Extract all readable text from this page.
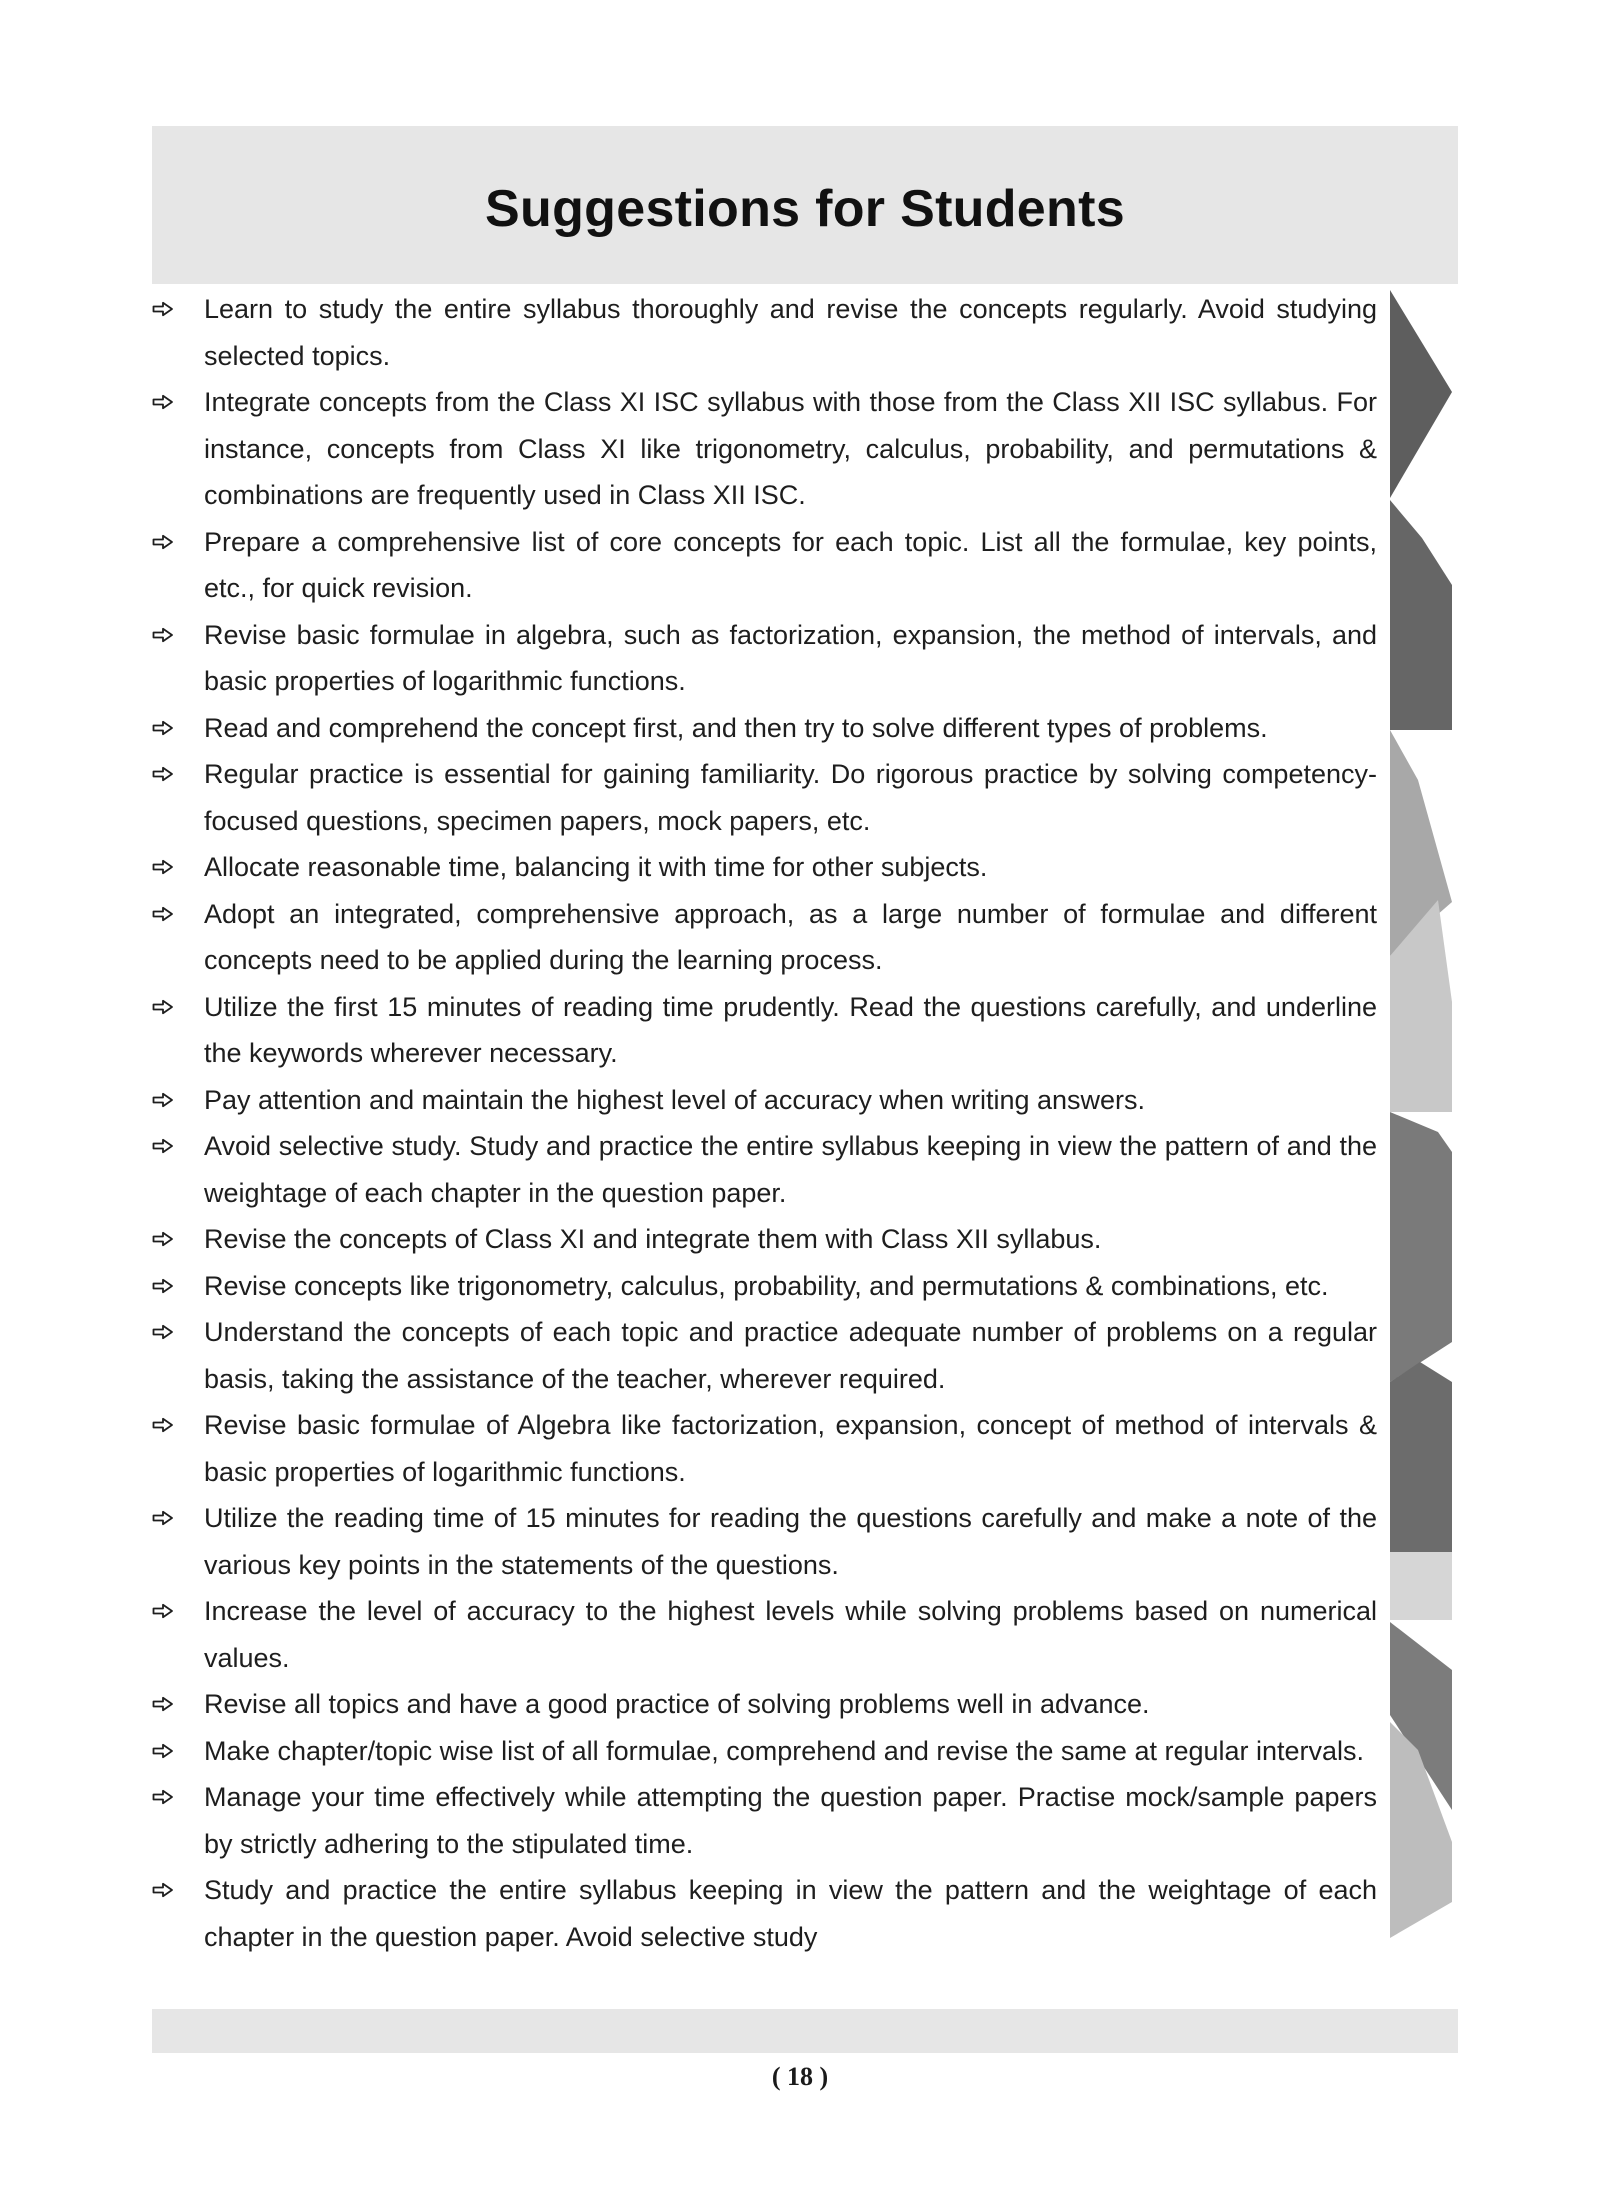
Suggestions for Students
Learn to study the entire syllabus thoroughly and revise the concepts regularly. Avoid studying selected topics.
Integrate concepts from the Class XI ISC syllabus with those from the Class XII ISC syllabus. For instance, concepts from Class XI like trigonometry, calculus, probability, and permutations & combinations are frequently used in Class XII ISC.
Prepare a comprehensive list of core concepts for each topic. List all the formulae, key points, etc., for quick revision.
Revise basic formulae in algebra, such as factorization, expansion, the method of intervals, and basic properties of logarithmic functions.
Read and comprehend the concept first, and then try to solve different types of problems.
Regular practice is essential for gaining familiarity. Do rigorous practice by solving competency-focused questions, specimen papers, mock papers, etc.
Allocate reasonable time, balancing it with time for other subjects.
Adopt an integrated, comprehensive approach, as a large number of formulae and different concepts need to be applied during the learning process.
Utilize the first 15 minutes of reading time prudently. Read the questions carefully, and underline the keywords wherever necessary.
Pay attention and maintain the highest level of accuracy when writing answers.
Avoid selective study. Study and practice the entire syllabus keeping in view the pattern of and the weightage of each chapter in the question paper.
Revise the concepts of Class XI and integrate them with Class XII syllabus.
Revise concepts like trigonometry, calculus, probability, and permutations & combinations, etc.
Understand the concepts of each topic and practice adequate number of problems on a regular basis, taking the assistance of the teacher, wherever required.
Revise basic formulae of Algebra like factorization, expansion, concept of method of intervals & basic properties of logarithmic functions.
Utilize the reading time of 15 minutes for reading the questions carefully and make a note of the various key points in the statements of the questions.
Increase the level of accuracy to the highest levels while solving problems based on numerical values.
Revise all topics and have a good practice of solving problems well in advance.
Make chapter/topic wise list of all formulae, comprehend and revise the same at regular intervals.
Manage your time effectively while attempting the question paper. Practise mock/sample papers by strictly adhering to the stipulated time.
Study and practice the entire syllabus keeping in view the pattern and the weightage of each chapter in the question paper. Avoid selective study
( 18 )
